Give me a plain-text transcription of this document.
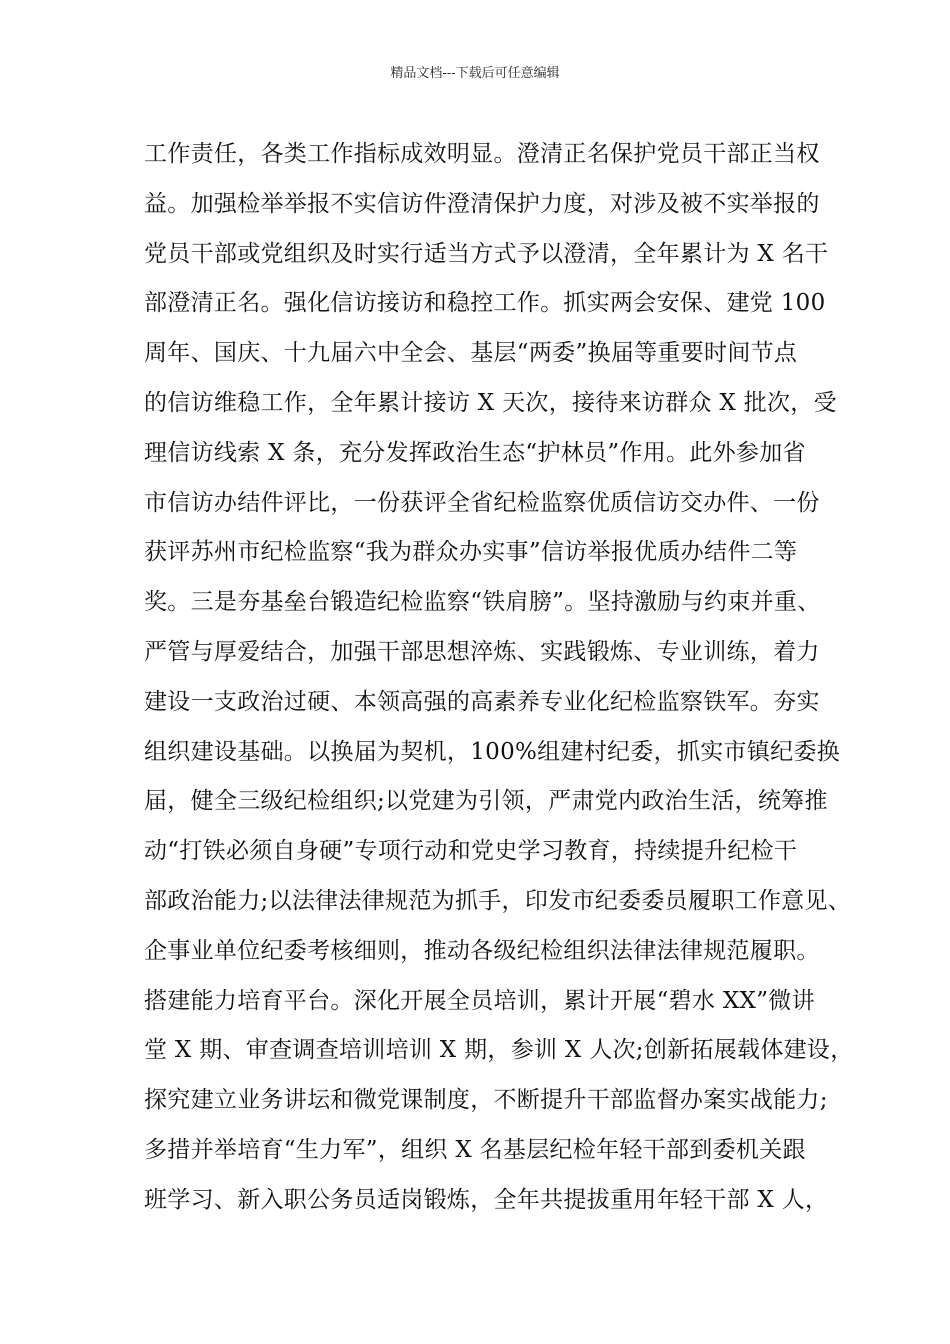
精品文档---下载后可任意编辑
工作责任，各类工作指标成效明显。澄清正名保护党员干部正当权
益。加强检举举报不实信访件澄清保护力度，对涉及被不实举报的
党员干部或党组织及时实行适当方式予以澄清，全年累计为 X 名干
部澄清正名。强化信访接访和稳控工作。抓实两会安保、建党 100
周年、国庆、十九届六中全会、基层“两委”换届等重要时间节点
的信访维稳工作，全年累计接访 X 天次，接待来访群众 X 批次，受
理信访线索 X 条，充分发挥政治生态“护林员”作用。此外参加省
市信访办结件评比，一份获评全省纪检监察优质信访交办件、一份
获评苏州市纪检监察“我为群众办实事”信访举报优质办结件二等
奖。三是夯基垒台锻造纪检监察“铁肩膀”。坚持激励与约束并重、
严管与厚爱结合，加强干部思想淬炼、实践锻炼、专业训练，着力
建设一支政治过硬、本领高强的高素养专业化纪检监察铁军。夯实
组织建设基础。以换届为契机，100%组建村纪委，抓实市镇纪委换
届，健全三级纪检组织;以党建为引领，严肃党内政治生活，统筹推
动“打铁必须自身硬”专项行动和党史学习教育，持续提升纪检干
部政治能力;以法律法律规范为抓手，印发市纪委委员履职工作意见、
企事业单位纪委考核细则，推动各级纪检组织法律法律规范履职。
搭建能力培育平台。深化开展全员培训，累计开展“碧水 XX”微讲
堂 X 期、审查调查培训培训 X 期，参训 X 人次;创新拓展载体建设，
探究建立业务讲坛和微党课制度，不断提升干部监督办案实战能力;
多措并举培育“生力军”，组织 X 名基层纪检年轻干部到委机关跟
班学习、新入职公务员适岗锻炼，全年共提拔重用年轻干部 X 人，
